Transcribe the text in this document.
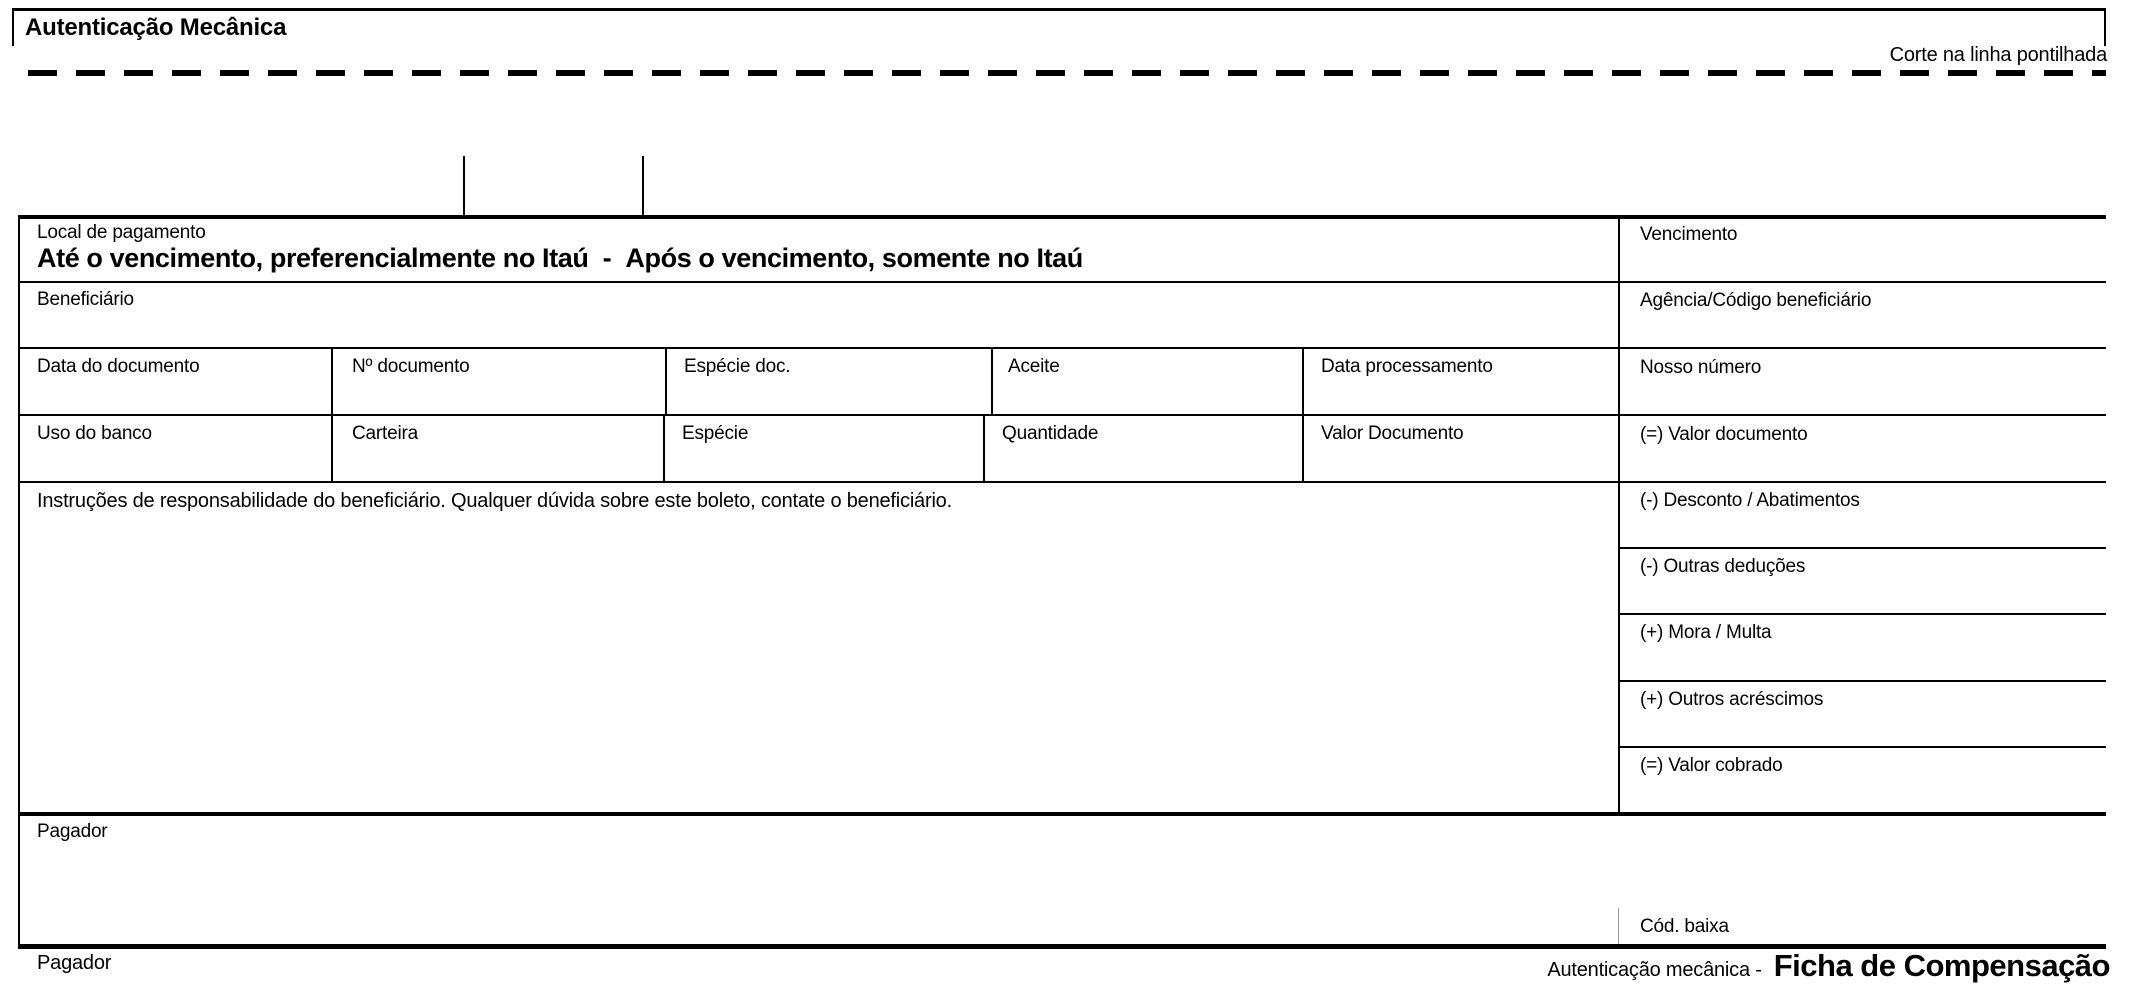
Autenticação Mecânica
Corte na linha pontilhada
Local de pagamento
Até o vencimento, preferencialmente no Itaú  -  Após o vencimento, somente no Itaú
Vencimento
Beneficiário	Agência/Código beneficiário
Data do documento	Nº documento	Espécie doc.	Aceite	Data processamento	Nosso número
Uso do banco	Carteira	Espécie	Quantidade	Valor Documento	(=) Valor documento
Instruções de responsabilidade do beneficiário. Qualquer dúvida sobre este boleto, contate o beneficiário.	(-) Desconto / Abatimentos
(-) Outras deduções
(+) Mora / Multa
(+) Outros acréscimos
(=) Valor cobrado
Pagador
Cód. baixa
Pagador	Autenticação mecânica - Ficha de Compensação
